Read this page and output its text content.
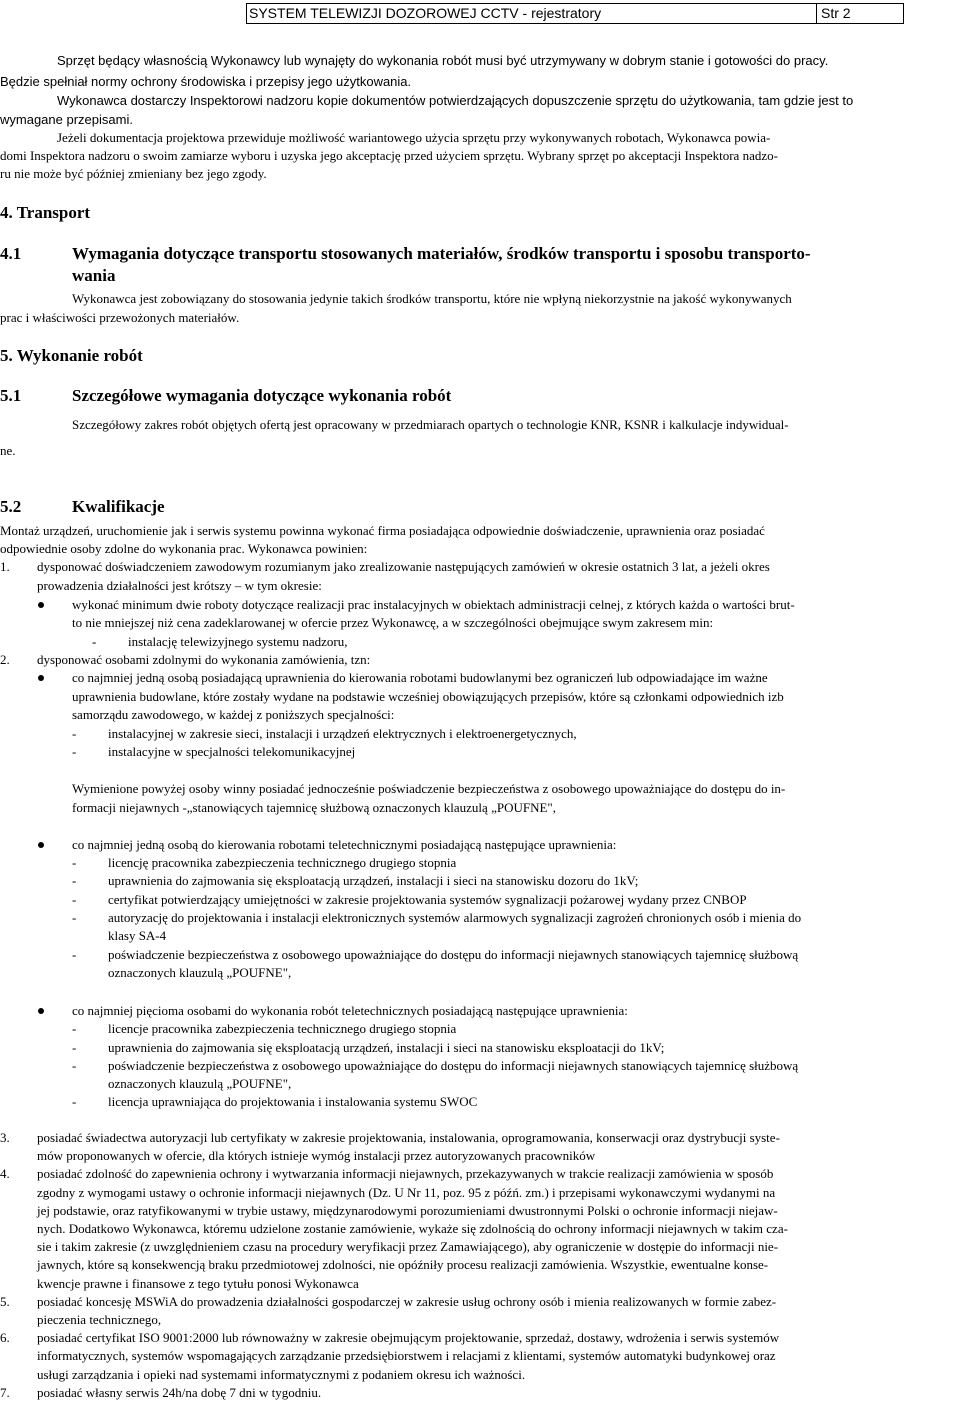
SYSTEM TELEWIZJI DOZOROWEJ CCTV - rejestratory	Str 2
Sprzęt będący własnością Wykonawcy lub wynajęty do wykonania robót musi być utrzymywany w dobrym stanie i gotowości do pracy.
Będzie spełniał normy ochrony środowiska i przepisy jego użytkowania.
Wykonawca dostarczy Inspektorowi nadzoru kopie dokumentów potwierdzających dopuszczenie sprzętu do użytkowania, tam gdzie jest to
wymagane przepisami.
Jeżeli dokumentacja projektowa przewiduje możliwość wariantowego użycia sprzętu przy wykonywanych robotach, Wykonawca powia-
domi Inspektora nadzoru o swoim zamiarze wyboru i uzyska jego akceptację przed użyciem sprzętu. Wybrany sprzęt po akceptacji Inspektora nadzo-
ru nie może być później zmieniany bez jego zgody.
4. Transport
4.1	Wymagania dotyczące transportu stosowanych materiałów, środków transportu i sposobu transporto-
wania
Wykonawca jest zobowiązany do stosowania jedynie takich środków transportu, które nie wpłyną niekorzystnie na jakość wykonywanych
prac i właściwości przewożonych materiałów.
5. Wykonanie robót
5.1	Szczegółowe wymagania dotyczące wykonania robót
Szczegółowy zakres robót objętych ofertą jest opracowany w przedmiarach opartych o technologie KNR, KSNR i kalkulacje indywidual-
ne.
5.2	Kwalifikacje
Montaż urządzeń, uruchomienie jak i serwis systemu powinna wykonać firma posiadająca odpowiednie doświadczenie, uprawnienia oraz posiadać
odpowiednie osoby zdolne do wykonania prac. Wykonawca powinien:
1. dysponować doświadczeniem zawodowym rozumianym jako zrealizowanie następujących zamówień w okresie ostatnich 3 lat, a jeżeli okres
prowadzenia działalności jest krótszy – w tym okresie:
wykonać minimum dwie roboty dotyczące realizacji prac instalacyjnych w obiektach administracji celnej, z których każda o wartości brut-
to nie mniejszej niż cena zadeklarowanej w ofercie przez Wykonawcę, a w szczególności obejmujące swym zakresem min:
- instalację telewizyjnego systemu nadzoru,
2. dysponować osobami zdolnymi do wykonania zamówienia, tzn:
co najmniej jedną osobą posiadającą uprawnienia do kierowania robotami budowlanymi bez ograniczeń lub odpowiadające im ważne
uprawnienia budowlane, które zostały wydane na podstawie wcześniej obowiązujących przepisów, które są członkami odpowiednich izb
samorządu zawodowego, w każdej z poniższych specjalności:
- instalacyjnej w zakresie sieci, instalacji i urządzeń elektrycznych i elektroenergetycznych,
- instalacyjne w specjalności telekomunikacyjnej
Wymienione powyżej osoby winny posiadać jednocześnie poświadczenie bezpieczeństwa z osobowego upoważniające do dostępu do in-
formacji niejawnych -„stanowiących tajemnicę służbową oznaczonych klauzulą „POUFNE",
co najmniej jedną osobą do kierowania robotami teletechnicznymi posiadającą następujące uprawnienia:
- licencję pracownika zabezpieczenia technicznego drugiego stopnia
- uprawnienia do zajmowania się eksploatacją urządzeń, instalacji i sieci na stanowisku dozoru do 1kV;
- certyfikat potwierdzający umiejętności w zakresie projektowania systemów sygnalizacji pożarowej wydany przez CNBOP
- autoryzację do projektowania i instalacji elektronicznych systemów alarmowych sygnalizacji zagrożeń chronionych osób i mienia do
klasy SA-4
- poświadczenie bezpieczeństwa z osobowego upoważniające do dostępu do informacji niejawnych stanowiących tajemnicę służbową
oznaczonych klauzulą „POUFNE",
co najmniej pięcioma osobami do wykonania robót teletechnicznych posiadającą następujące uprawnienia:
- licencje pracownika zabezpieczenia technicznego drugiego stopnia
- uprawnienia do zajmowania się eksploatacją urządzeń, instalacji i sieci na stanowisku eksploatacji do 1kV;
- poświadczenie bezpieczeństwa z osobowego upoważniające do dostępu do informacji niejawnych stanowiących tajemnicę służbową
oznaczonych klauzulą „POUFNE",
- licencja uprawniająca do projektowania i instalowania systemu SWOC
3. posiadać świadectwa autoryzacji lub certyfikaty w zakresie projektowania, instalowania, oprogramowania, konserwacji oraz dystrybucji syste-
mów proponowanych w ofercie, dla których istnieje wymóg instalacji przez autoryzowanych pracowników
4. posiadać zdolność do zapewnienia ochrony i wytwarzania informacji niejawnych, przekazywanych w trakcie realizacji zamówienia w sposób
zgodny z wymogami ustawy o ochronie informacji niejawnych (Dz. U Nr 11, poz. 95 z późń. zm.) i przepisami wykonawczymi wydanymi na
jej podstawie, oraz ratyfikowanymi w trybie ustawy, międzynarodowymi porozumieniami dwustronnymi Polski o ochronie informacji niejaw-
nych. Dodatkowo Wykonawca, któremu udzielone zostanie zamówienie, wykaże się zdolnością do ochrony informacji niejawnych w takim cza-
sie i takim zakresie (z uwzględnieniem czasu na procedury weryfikacji przez Zamawiającego), aby ograniczenie w dostępie do informacji nie-
jawnych, które są konsekwencją braku przedmiotowej zdolności, nie opóźniły procesu realizacji zamówienia. Wszystkie, ewentualne konse-
kwencje prawne i finansowe z tego tytułu ponosi Wykonawca
5. posiadać koncesję MSWiA do prowadzenia działalności gospodarczej w zakresie usług ochrony osób i mienia realizowanych w formie zabez-
pieczenia technicznego,
6. posiadać certyfikat ISO 9001:2000 lub równoważny w zakresie obejmującym projektowanie, sprzedaż, dostawy, wdrożenia i serwis systemów
informatycznych, systemów wspomagających zarządzanie przedsiębiorstwem i relacjami z klientami, systemów automatyki budynkowej oraz
usługi zarządzania i opieki nad systemami informatycznymi z podaniem okresu ich ważności.
7. posiadać własny serwis 24h/na dobę 7 dni w tygodniu.
